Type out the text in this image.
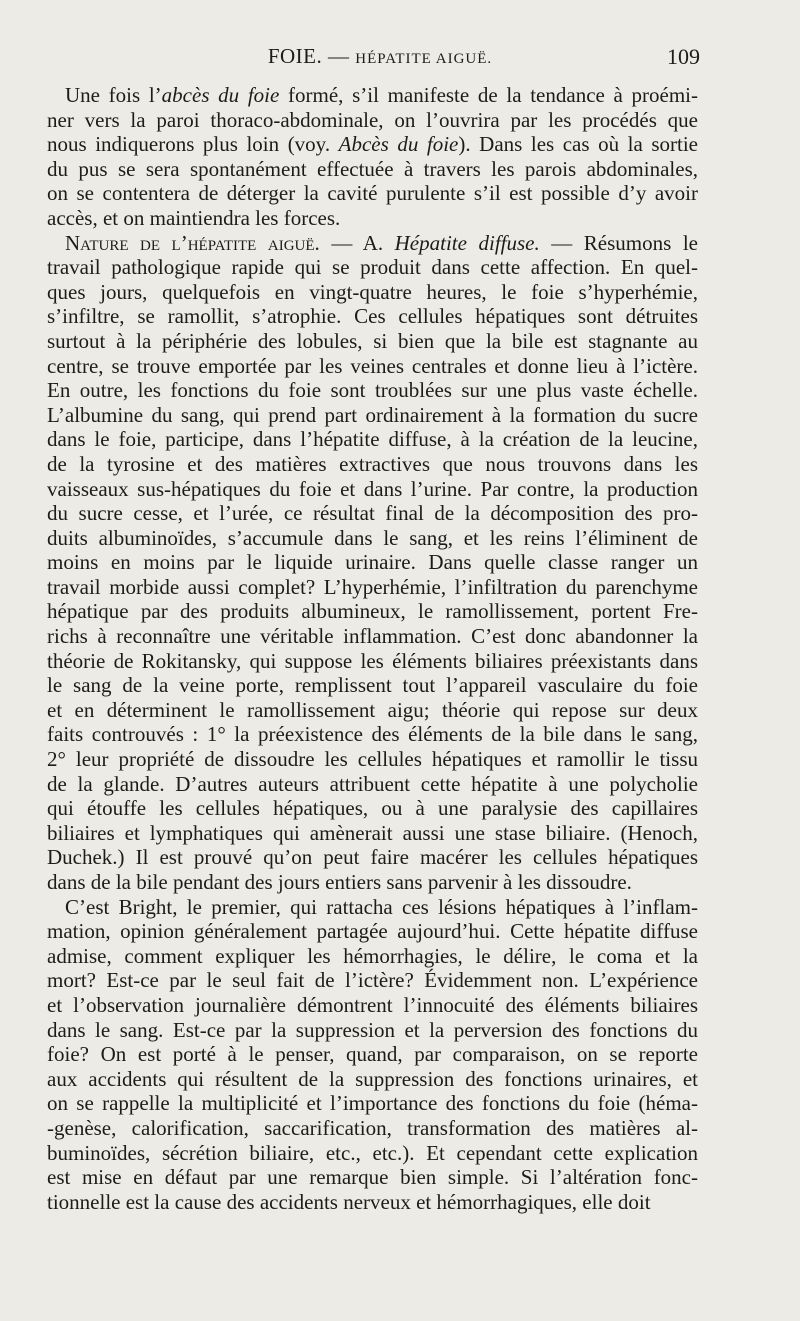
FOIE. — HÉPATITE AIGUË.	109
Une fois l’abcès du foie formé, s’il manifeste de la tendance à proémi-
ner vers la paroi thoraco-abdominale, on l’ouvrira par les procédés que
nous indiquerons plus loin (voy. Abcès du foie). Dans les cas où la sortie
du pus se sera spontanément effectuée à travers les parois abdominales,
on se contentera de déterger la cavité purulente s’il est possible d’y avoir
accès, et on maintiendra les forces.
Nature de l’hépatite aiguë. — A. Hépatite diffuse. — Résumons le
travail pathologique rapide qui se produit dans cette affection. En quel-
ques jours, quelquefois en vingt-quatre heures, le foie s’hyperhémie,
s’infiltre, se ramollit, s’atrophie. Ces cellules hépatiques sont détruites
surtout à la périphérie des lobules, si bien que la bile est stagnante au
centre, se trouve emportée par les veines centrales et donne lieu à l’ictère.
En outre, les fonctions du foie sont troublées sur une plus vaste échelle.
L’albumine du sang, qui prend part ordinairement à la formation du sucre
dans le foie, participe, dans l’hépatite diffuse, à la création de la leucine,
de la tyrosine et des matières extractives que nous trouvons dans les
vaisseaux sus-hépatiques du foie et dans l’urine. Par contre, la production
du sucre cesse, et l’urée, ce résultat final de la décomposition des pro-
duits albuminoïdes, s’accumule dans le sang, et les reins l’éliminent de
moins en moins par le liquide urinaire. Dans quelle classe ranger un
travail morbide aussi complet? L’hyperhémie, l’infiltration du parenchyme
hépatique par des produits albumineux, le ramollissement, portent Fre-
richs à reconnaître une véritable inflammation. C’est donc abandonner la
théorie de Rokitansky, qui suppose les éléments biliaires préexistants dans
le sang de la veine porte, remplissent tout l’appareil vasculaire du foie
et en déterminent le ramollissement aigu; théorie qui repose sur deux
faits controuvés : 1° la préexistence des éléments de la bile dans le sang,
2° leur propriété de dissoudre les cellules hépatiques et ramollir le tissu
de la glande. D’autres auteurs attribuent cette hépatite à une polycholie
qui étouffe les cellules hépatiques, ou à une paralysie des capillaires
biliaires et lymphatiques qui amènerait aussi une stase biliaire. (Henoch,
Duchek.) Il est prouvé qu’on peut faire macérer les cellules hépatiques
dans de la bile pendant des jours entiers sans parvenir à les dissoudre.
C’est Bright, le premier, qui rattacha ces lésions hépatiques à l’inflam-
mation, opinion généralement partagée aujourd’hui. Cette hépatite diffuse
admise, comment expliquer les hémorrhagies, le délire, le coma et la
mort? Est-ce par le seul fait de l’ictère? Évidemment non. L’expérience
et l’observation journalière démontrent l’innocuité des éléments biliaires
dans le sang. Est-ce par la suppression et la perversion des fonctions du
foie? On est porté à le penser, quand, par comparaison, on se reporte
aux accidents qui résultent de la suppression des fonctions urinaires, et
on se rappelle la multiplicité et l’importance des fonctions du foie (héma-
-genèse, calorification, saccarification, transformation des matières al-
buminoïdes, sécrétion biliaire, etc., etc.). Et cependant cette explication
est mise en défaut par une remarque bien simple. Si l’altération fonc-
tionnelle est la cause des accidents nerveux et hémorrhagiques, elle doit
